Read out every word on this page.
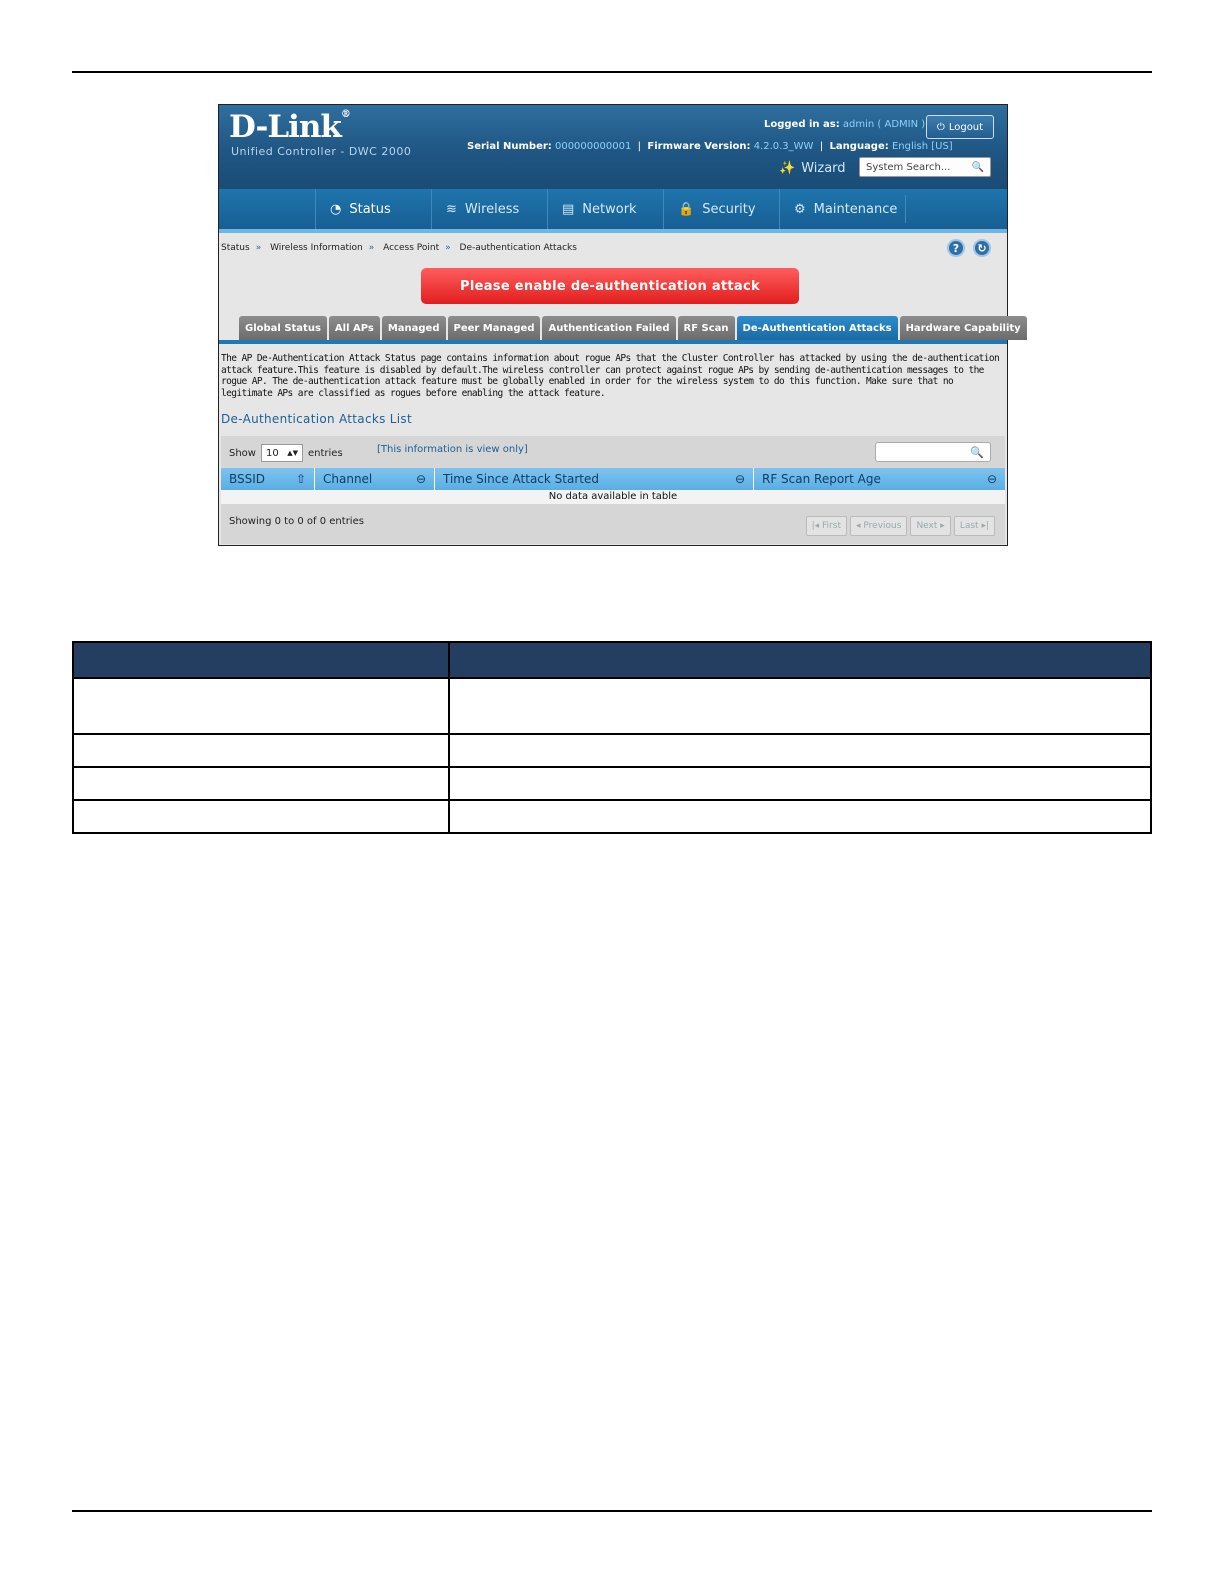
D-Link®
Unified Controller - DWC 2000
Logged in as: admin ( ADMIN ) ⏻ Logout
Serial Number: 000000000001  |  Firmware Version: 4.2.0.3_WW  |  Language: English [US]
✨ Wizard System Search... 🔍
◔ Status	≋ Wireless	▤ Network	🔒 Security	⚙ Maintenance
Status » Wireless Information » Access Point » De-authentication Attacks	?	↻
Please enable de-authentication attack
Global Status	All APs	Managed	Peer Managed	Authentication Failed	RF Scan	De-Authentication Attacks	Hardware Capability
The AP De-Authentication Attack Status page contains information about rogue APs that the Cluster Controller has attacked by using the de-authentication attack feature.This feature is disabled by default.The wireless controller can protect against rogue APs by sending de-authentication messages to the rogue AP. The de-authentication attack feature must be globally enabled in order for the wireless system to do this function. Make sure that no legitimate APs are classified as rogues before enabling the attack feature.
De-Authentication Attacks List
Show 10 ▲▼ entries	[This information is view only]	🔍
BSSID	⇧ Channel	⊖ Time Since Attack Started	⊖ RF Scan Report Age	⊖
No data available in table
Showing 0 to 0 of 0 entries	|◂
First ◂
Previous Next
▸ Last
▸|
